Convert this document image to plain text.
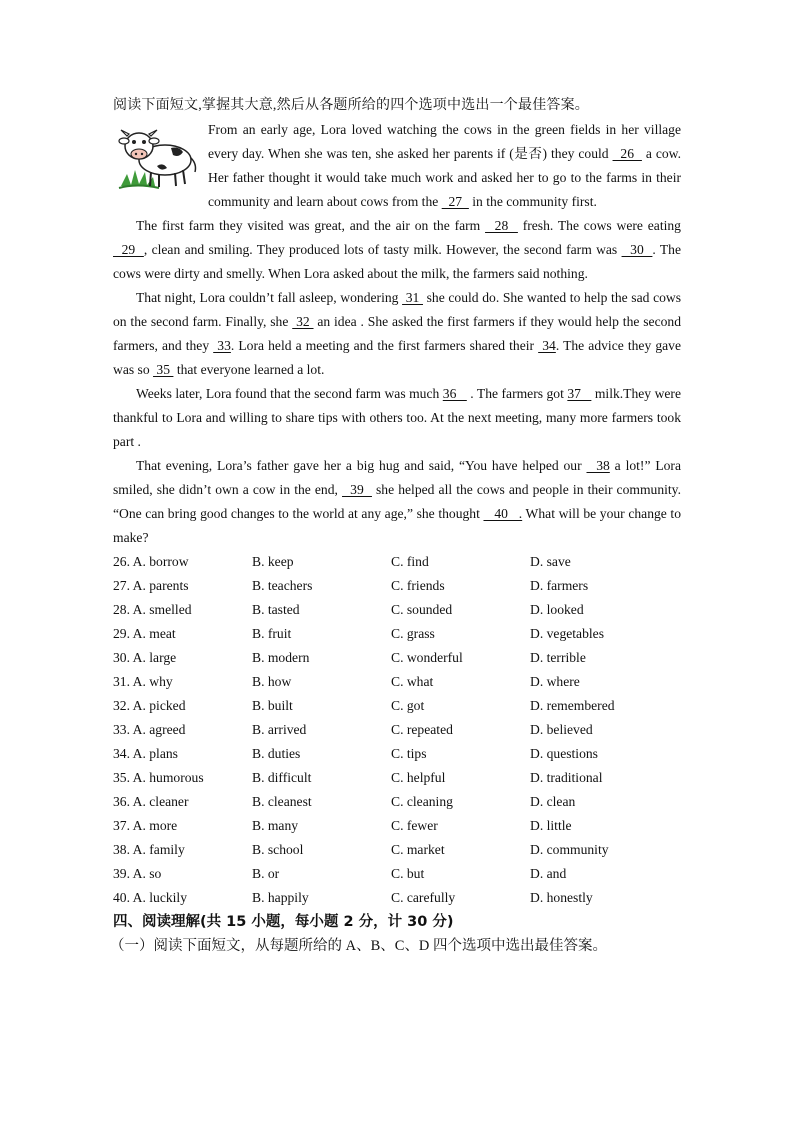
阅读下面短文,掌握其大意,然后从各题所给的四个选项中选出一个最佳答案。
From an early age, Lora loved watching the cows in the green fields in her village every day. When she was ten, she asked her parents if (是否) they could   26   a cow. Her father thought it would take much work and asked her to go to the farms in their community and learn about cows from the   27   in the community first.

The first farm they visited was great, and the air on the farm   28   fresh. The cows were eating   29  , clean and smiling. They produced lots of tasty milk. However, the second farm was   30  . The cows were dirty and smelly. When Lora asked about the milk, the farmers said nothing.

That night, Lora couldn’t fall asleep, wondering  31  she could do. She wanted to help the sad cows on the second farm. Finally, she  32  an idea . She asked the first farmers if they would help the second farmers, and they  33. Lora held a meeting and the first farmers shared their  34. The advice they gave was so  35  that everyone learned a lot.

Weeks later, Lora found that the second farm was much 36    . The farmers got 37    milk.They were thankful to Lora and willing to share tips with others too. At the next meeting, many more farmers took part .

That evening, Lora’s father gave her a big hug and said, “You have helped our   38 a lot!” Lora smiled, she didn’t own a cow in the end,   39   she helped all the cows and people in their community. “One can bring good changes to the world at any age,” she thought    40   . What will be your change to make?

26. A. borrow	B. keep	C. find	D. save
27. A. parents	B. teachers	C. friends	D. farmers
28. A. smelled	B. tasted	C. sounded	D. looked
29. A. meat	B. fruit	C. grass	D. vegetables
30. A. large	B. modern	C. wonderful	D. terrible
31. A. why	B. how	C. what	D. where
32. A. picked	B. built	C. got	D. remembered
33. A. agreed	B. arrived	C. repeated	D. believed
34. A. plans	B. duties	C. tips	D. questions
35. A. humorous	B. difficult	C. helpful	D. traditional
36. A. cleaner	B. cleanest	C. cleaning	D. clean
37. A. more	B. many	C. fewer	D. little
38. A. family	B. school	C. market	D. community
39. A. so	B. or	C. but	D. and
40. A. luckily	B. happily	C. carefully	D. honestly
四、阅读理解(共 15 小题，每小题 2 分，计 30 分)
（一）阅读下面短文，从每题所给的 A、B、C、D 四个选项中选出最佳答案。
